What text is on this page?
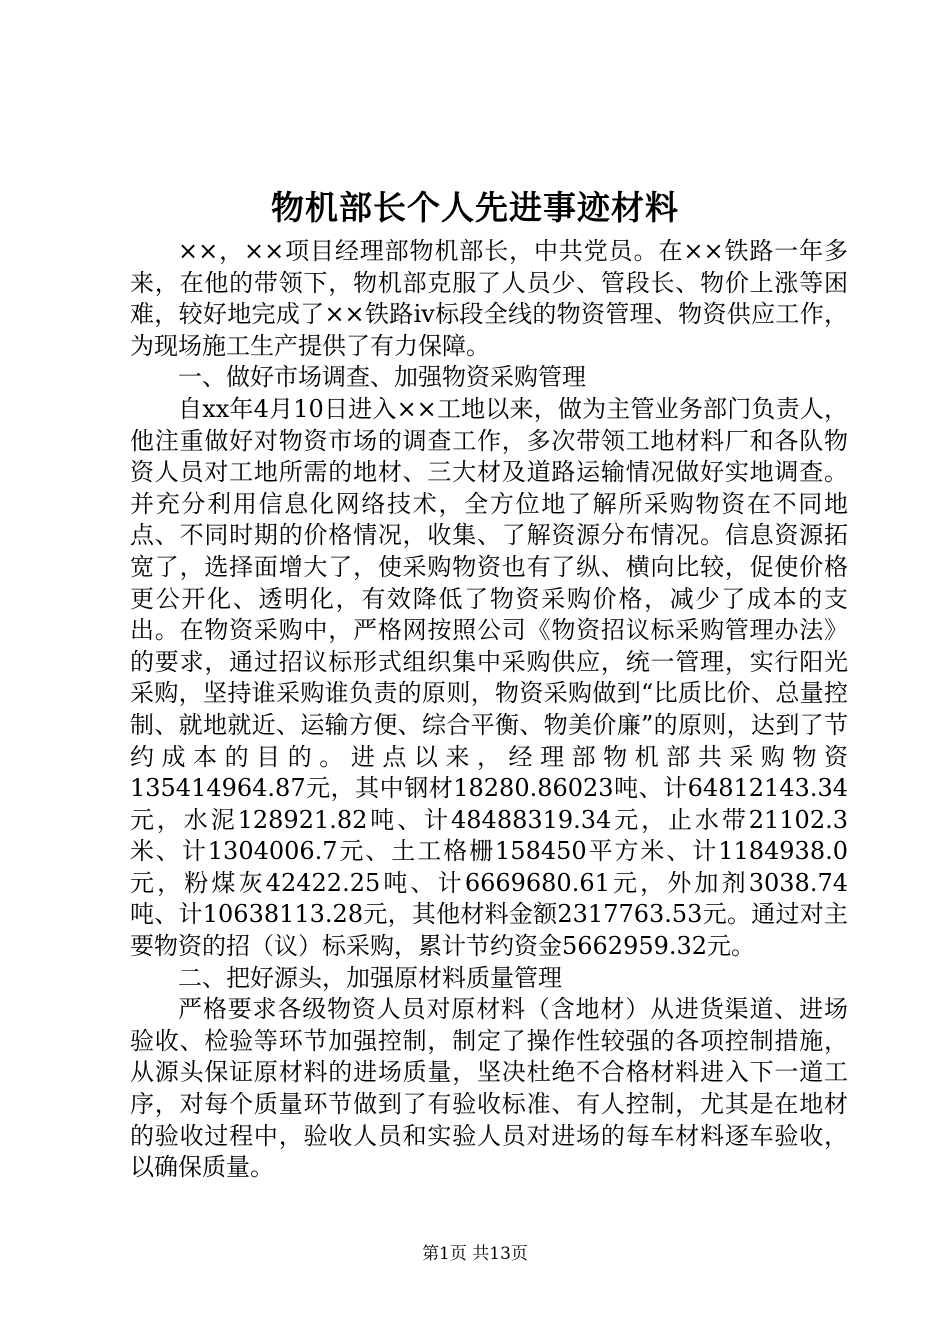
物机部长个人先进事迹材料

××，××项目经理部物机部长，中共党员。在××铁路一年多来，在他的带领下，物机部克服了人员少、管段长、物价上涨等困难，较好地完成了××铁路iv标段全线的物资管理、物资供应工作，为现场施工生产提供了有力保障。

一、做好市场调查、加强物资采购管理

自xx年4月10日进入××工地以来，做为主管业务部门负责人，他注重做好对物资市场的调查工作，多次带领工地材料厂和各队物资人员对工地所需的地材、三大材及道路运输情况做好实地调查。并充分利用信息化网络技术，全方位地了解所采购物资在不同地点、不同时期的价格情况，收集、了解资源分布情况。信息资源拓宽了，选择面增大了，使采购物资也有了纵、横向比较，促使价格更公开化、透明化，有效降低了物资采购价格，减少了成本的支出。在物资采购中，严格网按照公司《物资招议标采购管理办法》的要求，通过招议标形式组织集中采购供应，统一管理，实行阳光采购，坚持谁采购谁负责的原则，物资采购做到“比质比价、总量控制、就地就近、运输方便、综合平衡、物美价廉”的原则，达到了节约成本的目的。进点以来，经理部物机部共采购物资135414964.87元，其中钢材18280.86023吨、计64812143.34元，水泥128921.82吨、计48488319.34元，止水带21102.3米、计1304006.7元、土工格栅158450平方米、计1184938.0元，粉煤灰42422.25吨、计6669680.61元，外加剂3038.74吨、计10638113.28元，其他材料金额2317763.53元。通过对主要物资的招（议）标采购，累计节约资金5662959.32元。

二、把好源头，加强原材料质量管理

严格要求各级物资人员对原材料（含地材）从进货渠道、进场验收、检验等环节加强控制，制定了操作性较强的各项控制措施，从源头保证原材料的进场质量，坚决杜绝不合格材料进入下一道工序，对每个质量环节做到了有验收标准、有人控制，尤其是在地材的验收过程中，验收人员和实验人员对进场的每车材料逐车验收，以确保质量。

第1页 共13页
